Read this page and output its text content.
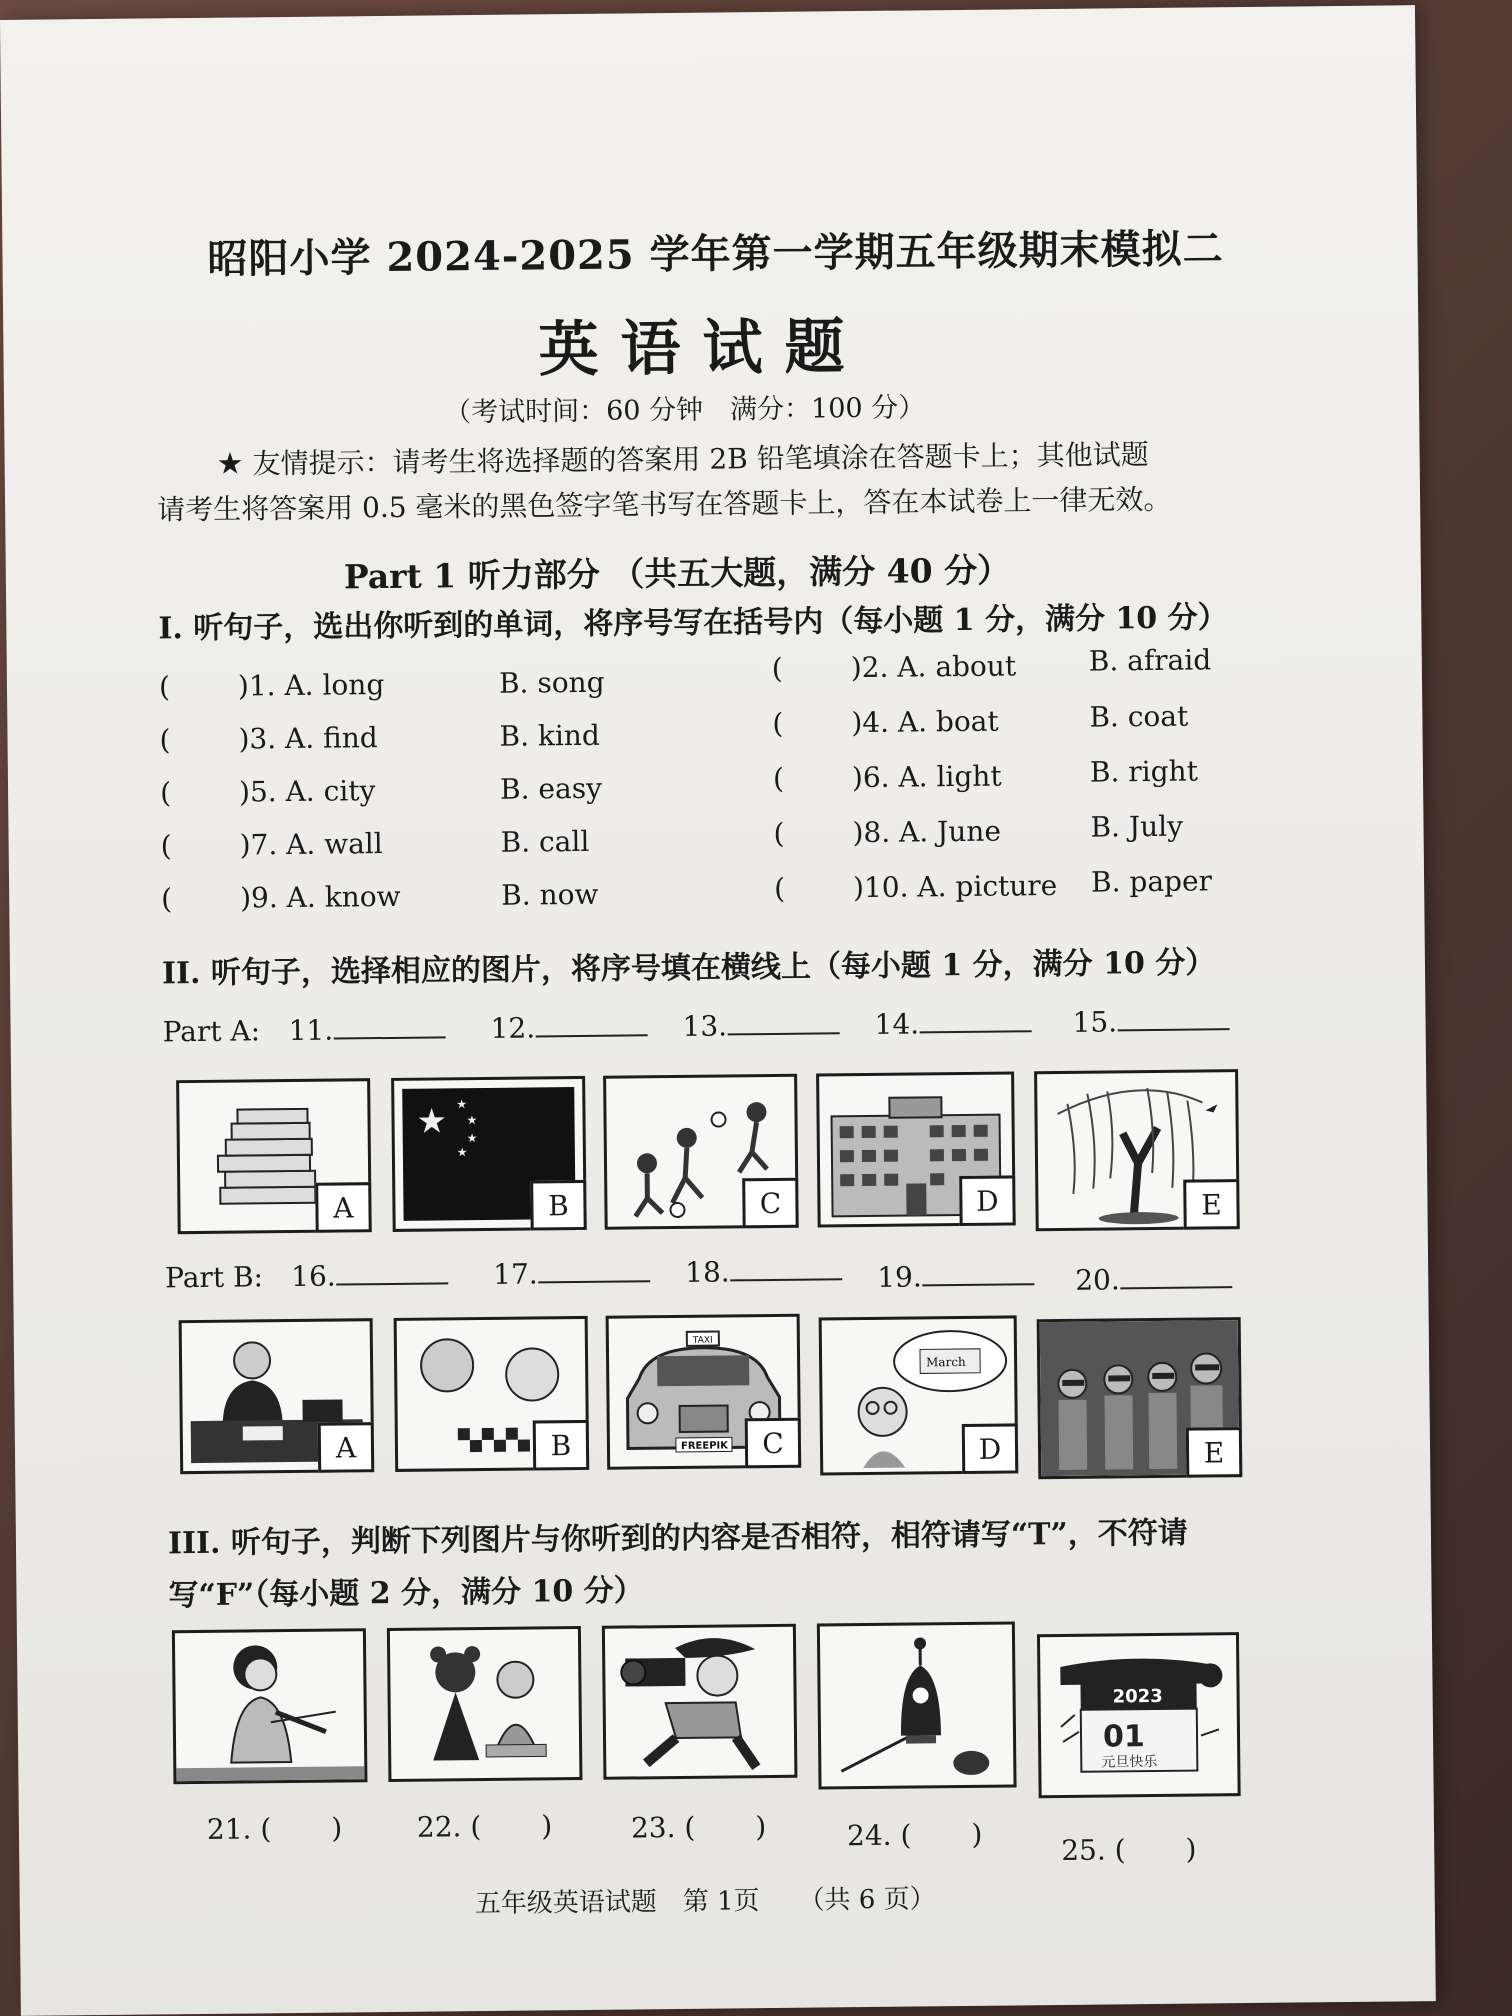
昭阳小学 2024-2025 学年第一学期五年级期末模拟二
英语试题
（考试时间：60 分钟　满分：100 分）
★ 友情提示：请考生将选择题的答案用 2B 铅笔填涂在答题卡上；其他试题
请考生将答案用 0.5 毫米的黑色签字笔书写在答题卡上，答在本试卷上一律无效。
Part 1 听力部分 （共五大题，满分 40 分）
I. 听句子，选出你听到的单词，将序号写在括号内（每小题 1 分，满分 10 分）
( )1. A. long	B. song	( )2. A. about	B. afraid
( )3. A. find	B. kind	( )4. A. boat	B. coat
( )5. A. city	B. easy	( )6. A. light	B. right
( )7. A. wall	B. call	( )8. A. June	B. July
( )9. A. know	B. now	( )10. A. picture B. paper
II. 听句子，选择相应的图片，将序号填在横线上（每小题 1 分，满分 10 分）
Part A: 11.	12.	13.	14.	15.
A
★ ★
★
★
★
B	C	D	E
Part B: 16.	17.	18.	19.	20.
A	B
TAXI
FREEPIK	C
March
D	E
III. 听句子，判断下列图片与你听到的内容是否相符，相符请写“T”，不符请
写“F”（每小题 2 分，满分 10 分）
2023
01
元旦快乐
21. ( )	22. ( )	23. ( )	24. ( )	25. ( )
五年级英语试题　第 1页　　（共 6 页）
